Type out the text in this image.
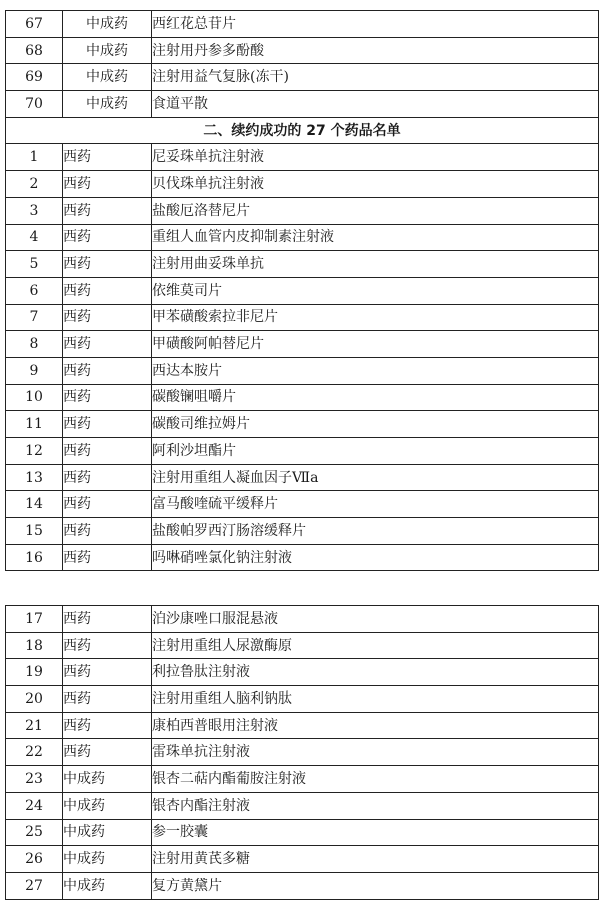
67	中成药	西红花总苷片
68	中成药	注射用丹参多酚酸
69	中成药	注射用益气复脉(冻干)
70	中成药	食道平散
二、续约成功的 27 个药品名单		
1	西药	尼妥珠单抗注射液
2	西药	贝伐珠单抗注射液
3	西药	盐酸厄洛替尼片
4	西药	重组人血管内皮抑制素注射液
5	西药	注射用曲妥珠单抗
6	西药	依维莫司片
7	西药	甲苯磺酸索拉非尼片
8	西药	甲磺酸阿帕替尼片
9	西药	西达本胺片
10	西药	碳酸镧咀嚼片
11	西药	碳酸司维拉姆片
12	西药	阿利沙坦酯片
13	西药	注射用重组人凝血因子Ⅶa
14	西药	富马酸喹硫平缓释片
15	西药	盐酸帕罗西汀肠溶缓释片
16	西药	吗啉硝唑氯化钠注射液
17	西药	泊沙康唑口服混悬液
18	西药	注射用重组人尿激酶原
19	西药	利拉鲁肽注射液
20	西药	注射用重组人脑利钠肽
21	西药	康柏西普眼用注射液
22	西药	雷珠单抗注射液
23	中成药	银杏二萜内酯葡胺注射液
24	中成药	银杏内酯注射液
25	中成药	参一胶囊
26	中成药	注射用黄芪多糖
27	中成药	复方黄黛片
